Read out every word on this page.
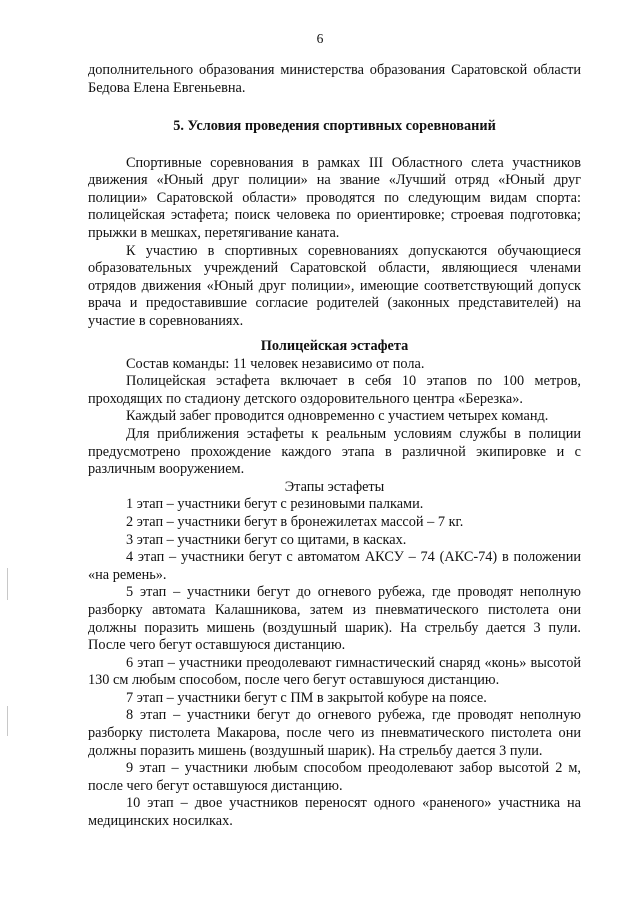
6

дополнительного образования министерства образования Саратовской области Бедова Елена Евгеньевна.

5. Условия проведения спортивных соревнований

Спортивные соревнования в рамках III Областного слета участников движения «Юный друг полиции» на звание «Лучший отряд «Юный друг полиции» Саратовской области» проводятся по следующим видам спорта: полицейская эстафета; поиск человека по ориентировке; строевая подготовка; прыжки в мешках, перетягивание каната.

К участию в спортивных соревнованиях допускаются обучающиеся образовательных учреждений Саратовской области, являющиеся членами отрядов движения «Юный друг полиции», имеющие соответствующий допуск врача и предоставившие согласие родителей (законных представителей) на участие в соревнованиях.

Полицейская эстафета

Состав команды: 11 человек независимо от пола.

Полицейская эстафета включает в себя 10 этапов по 100 метров, проходящих по стадиону детского оздоровительного центра «Березка».

Каждый забег проводится одновременно с участием четырех команд.

Для приближения эстафеты к реальным условиям службы в полиции предусмотрено прохождение каждого этапа в различной экипировке и с различным вооружением.

Этапы эстафеты

1 этап – участники бегут с резиновыми палками.

2 этап – участники бегут в бронежилетах массой – 7 кг.

3 этап – участники бегут со щитами, в касках.

4 этап – участники бегут с автоматом АКСУ – 74 (АКС-74) в положении «на ремень».

5 этап – участники бегут до огневого рубежа, где проводят неполную разборку автомата Калашникова, затем из пневматического пистолета они должны поразить мишень (воздушный шарик). На стрельбу дается 3 пули. После чего бегут оставшуюся дистанцию.

6 этап – участники преодолевают гимнастический снаряд «конь» высотой 130 см любым способом, после чего бегут оставшуюся дистанцию.

7 этап – участники бегут с ПМ в закрытой кобуре на поясе.

8 этап – участники бегут до огневого рубежа, где проводят неполную разборку пистолета Макарова, после чего из пневматического пистолета они должны поразить мишень (воздушный шарик). На стрельбу дается 3 пули.

9 этап – участники любым способом преодолевают забор высотой 2 м, после чего бегут оставшуюся дистанцию.

10 этап – двое участников переносят одного «раненого» участника на медицинских носилках.
